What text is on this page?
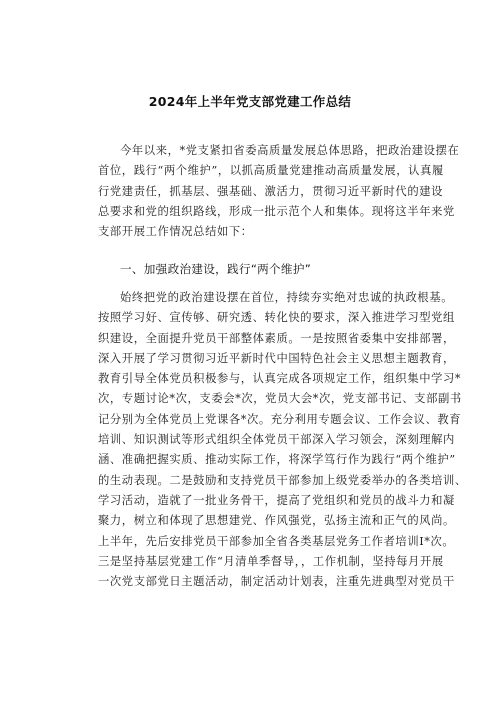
2024年上半年党支部党建工作总结
今年以来，*党支紧扣省委高质量发展总体思路，把政治建设摆在
首位，践行“两个维护”，以抓高质量党建推动高质量发展，认真履
行党建责任，抓基层、强基础、激活力，贯彻习近平新时代的建设
总要求和党的组织路线，形成一批示范个人和集体。现将这半年来党
支部开展工作情况总结如下：
一、加强政治建设，践行“两个维护”
始终把党的政治建设摆在首位，持续夯实绝对忠诚的执政根基。
按照学习好、宣传够、研究透、转化快的要求，深入推进学习型党组
织建设，全面提升党员干部整体素质。一是按照省委集中安排部署，
深入开展了学习贯彻习近平新时代中国特色社会主义思想主题教育，
教育引导全体党员积极参与，认真完成各项规定工作，组织集中学习*
次，专题讨论*次，支委会*次，党员大会*次，党支部书记、支部副书
记分别为全体党员上党课各*次。充分利用专题会议、工作会议、教育
培训、知识测试等形式组织全体党员干部深入学习领会，深刻理解内
涵、准确把握实质、推动实际工作，将深学笃行作为践行“两个维护”
的生动表现。二是鼓励和支持党员干部参加上级党委举办的各类培训、
学习活动，造就了一批业务骨干，提高了党组织和党员的战斗力和凝
聚力，树立和体现了思想建党、作风强党，弘扬主流和正气的风尚。
上半年，先后安排党员干部参加全省各类基层党务工作者培训I*次。
三是坚持基层党建工作“月清单季督导，，工作机制，坚持每月开展
一次党支部党日主题活动，制定活动计划表，注重先进典型对党员干
